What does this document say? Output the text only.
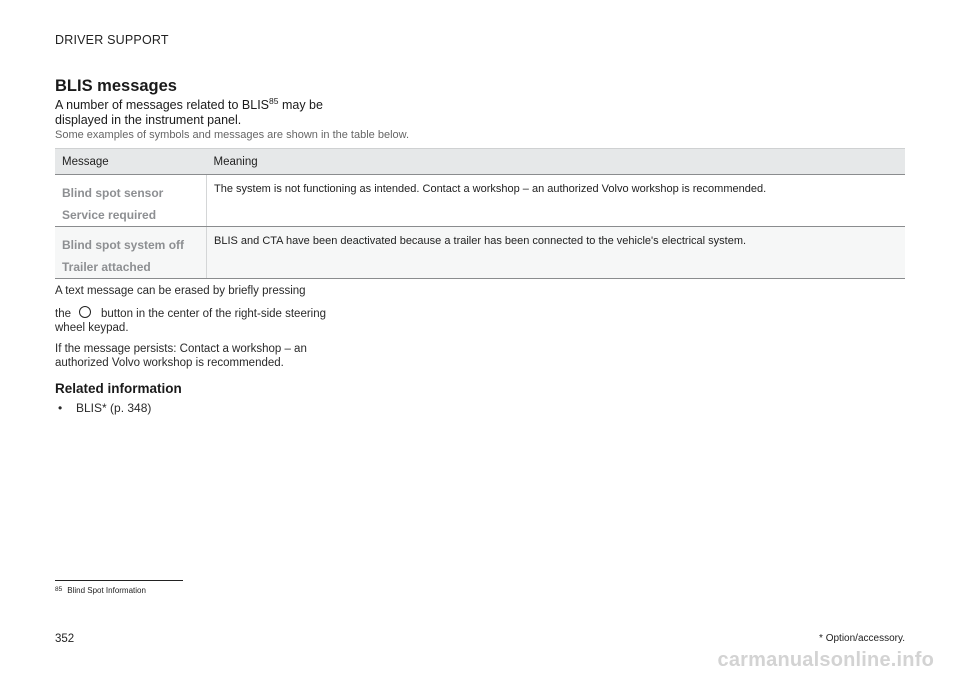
DRIVER SUPPORT
BLIS messages
A number of messages related to BLIS$^{85}$ may be displayed in the instrument panel.
Some examples of symbols and messages are shown in the table below.
Message	Meaning

Blind spot sensor
Service required	The system is not functioning as intended. Contact a workshop – an authorized Volvo workshop is recommended.

Blind spot system off
Trailer attached	BLIS and CTA have been deactivated because a trailer has been connected to the vehicle's electrical system.
A text message can be erased by briefly pressing
the	button in the center of the right-side steering wheel keypad.
If the message persists: Contact a workshop – an authorized Volvo workshop is recommended.
Related information
• BLIS* (p. 348)
$^{85}$ Blind Spot Information
352	* Option/accessory.
carmanualsonline.info
